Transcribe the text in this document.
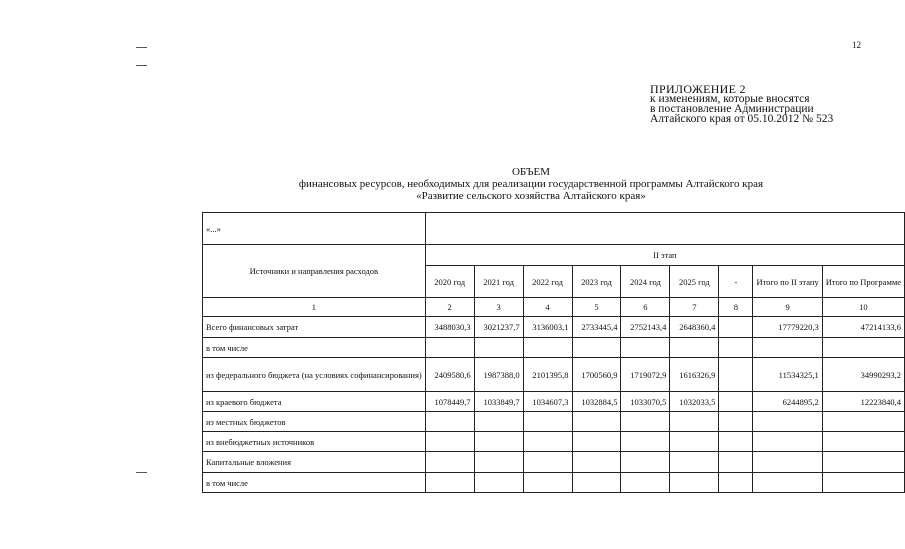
12
ПРИЛОЖЕНИЕ 2
к изменениям, которые вносятся
в постановление Администрации
Алтайского края от 05.10.2012 № 523
ОБЪЕМ
финансовых ресурсов, необходимых для реализации государственной программы Алтайского края
«Развитие сельского хозяйства Алтайского края»
«...»									
Источники и направления расходов	II этап								
	2020 год	2021 год	2022 год	2023 год	2024 год	2025 год	-	Итого по II этапу	Итого по Программе
1	2	3	4	5	6	7	8	9	10
Всего финансовых затрат	3488030,3	3021237,7	3136003,1	2733445,4	2752143,4	2648360,4		17779220,3	47214133,6
в том числе									
из федерального бюджета (на условиях софинансирования)	2409580,6	1987388,0	2101395,8	1700560,9	1719072,9	1616326,9		11534325,1	34990293,2
из краевого бюджета	1078449,7	1033849,7	1034607,3	1032884,5	1033070,5	1032033,5		6244895,2	12223840,4
из местных бюджетов									
из внебюджетных источников									
Капитальные вложения									
в том числе									
